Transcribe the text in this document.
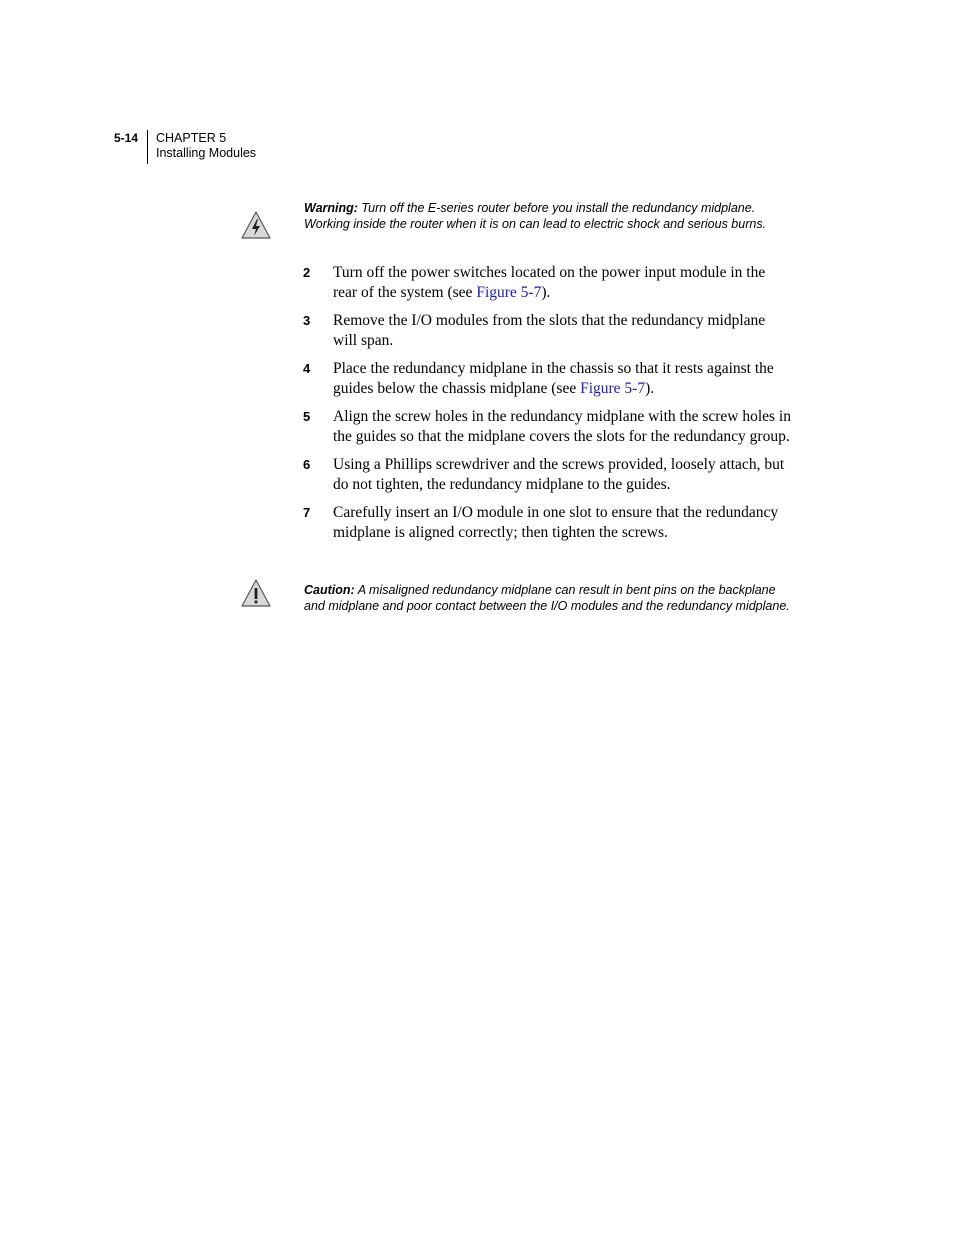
5-14 CHAPTER 5
Installing Modules
Warning: Turn off the E-series router before you install the redundancy midplane. Working inside the router when it is on can lead to electric shock and serious burns.
2 Turn off the power switches located on the power input module in the rear of the system (see Figure 5-7).
3 Remove the I/O modules from the slots that the redundancy midplane will span.
4 Place the redundancy midplane in the chassis so that it rests against the guides below the chassis midplane (see Figure 5-7).
5 Align the screw holes in the redundancy midplane with the screw holes in the guides so that the midplane covers the slots for the redundancy group.
6 Using a Phillips screwdriver and the screws provided, loosely attach, but do not tighten, the redundancy midplane to the guides.
7 Carefully insert an I/O module in one slot to ensure that the redundancy midplane is aligned correctly; then tighten the screws.
Caution: A misaligned redundancy midplane can result in bent pins on the backplane and midplane and poor contact between the I/O modules and the redundancy midplane.
